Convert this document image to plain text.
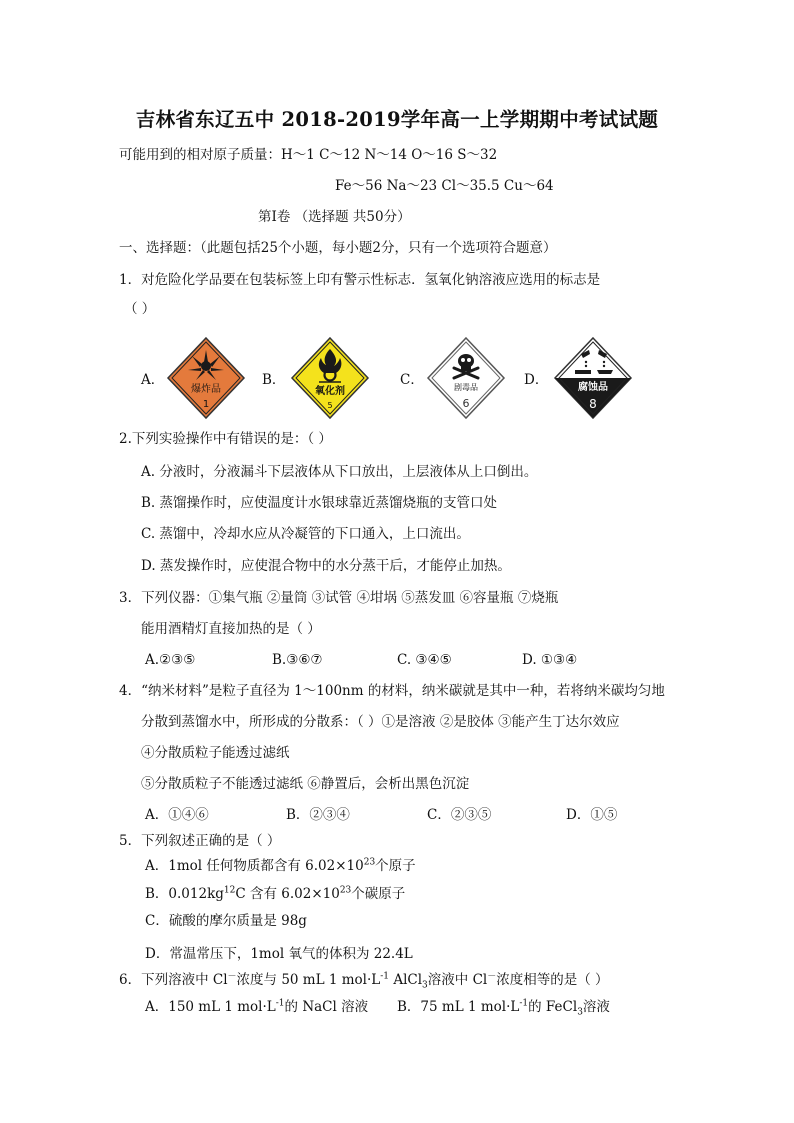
吉林省东辽五中 2018-2019学年高一上学期期中考试试题
可能用到的相对原子质量：H～1 C～12 N～14 O～16 S～32
Fe～56 Na～23 Cl～35.5 Cu～64
第Ⅰ卷 （选择题 共50分）
一、选择题：（此题包括25个小题，每小题2分，只有一个选项符合题意）
1．对危险化学品要在包装标签上印有警示性标志．氢氧化钠溶液应选用的标志是
（ ）
A．
爆炸品
1
B．
氧化剂
5
C．	剧毒品
6
D．	腐蚀品
8
2.下列实验操作中有错误的是：（ ）
A. 分液时，分液漏斗下层液体从下口放出，上层液体从上口倒出。
B. 蒸馏操作时，应使温度计水银球靠近蒸馏烧瓶的支管口处
C. 蒸馏中，冷却水应从冷凝管的下口通入，上口流出。
D. 蒸发操作时，应使混合物中的水分蒸干后，才能停止加热。
3．下列仪器：①集气瓶 ②量筒 ③试管 ④坩埚 ⑤蒸发皿 ⑥容量瓶 ⑦烧瓶
能用酒精灯直接加热的是（ ）
A.②③⑤	B.③⑥⑦	C. ③④⑤	D. ①③④
4．“纳米材料”是粒子直径为 1～100nm 的材料，纳米碳就是其中一种，若将纳米碳均匀地
分散到蒸馏水中，所形成的分散系：（ ）①是溶液 ②是胶体 ③能产生丁达尔效应
④分散质粒子能透过滤纸
⑤分散质粒子不能透过滤纸 ⑥静置后，会析出黑色沉淀
A．①④⑥	B．②③④	C．②③⑤	D．①⑤
5．下列叙述正确的是（ ）
A．1mol 任何物质都含有 $6.02\times 10^{23}$个原子
B．$0.012kg^{12}C$ 含有 $6.02\times 10^{23}$个碳原子
C．硫酸的摩尔质量是 98g
D．常温常压下，1mol 氧气的体积为 22.4L
6．下列溶液中 Cl－浓度与 50 mL 1 $mol\cdot L^{-1}$ AlCl$_3$溶液中 Cl－浓度相等的是（ ）
A．150 mL 1 $mol\cdot L^{-1}$的 NaCl 溶液 B．75 mL 1 $mol\cdot L^{-1}$的 FeCl$_3$溶液
